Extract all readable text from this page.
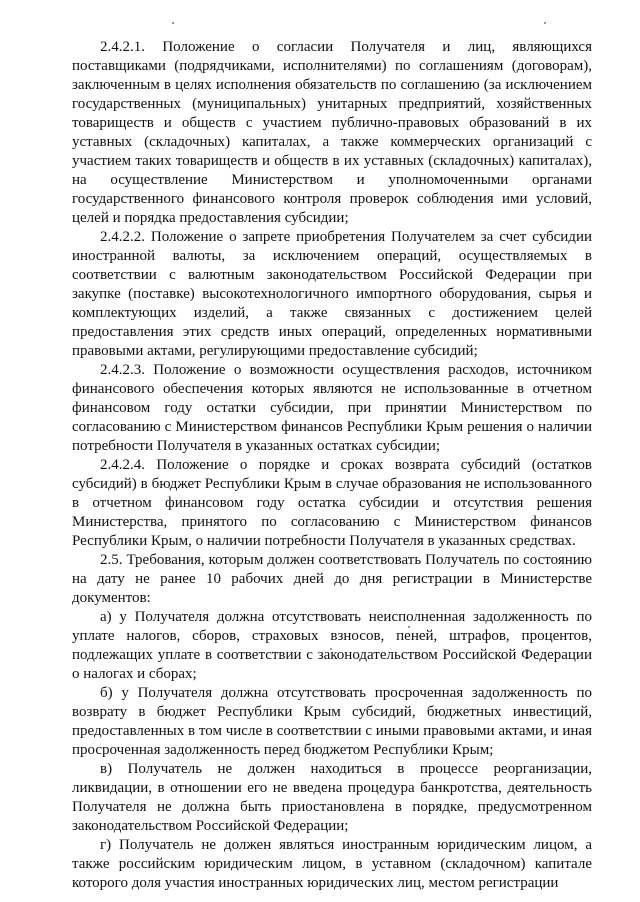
2.4.2.1. Положение о согласии Получателя и лиц, являющихся поставщиками (подрядчиками, исполнителями) по соглашениям (договорам), заключенным в целях исполнения обязательств по соглашению (за исключением государственных (муниципальных) унитарных предприятий, хозяйственных товариществ и обществ с участием публично-правовых образований в их уставных (складочных) капиталах, а также коммерческих организаций с участием таких товариществ и обществ в их уставных (складочных) капиталах), на осуществление Министерством и уполномоченными органами государственного финансового контроля проверок соблюдения ими условий, целей и порядка предоставления субсидии;

2.4.2.2. Положение о запрете приобретения Получателем за счет субсидии иностранной валюты, за исключением операций, осуществляемых в соответствии с валютным законодательством Российской Федерации при закупке (поставке) высокотехнологичного импортного оборудования, сырья и комплектующих изделий, а также связанных с достижением целей предоставления этих средств иных операций, определенных нормативными правовыми актами, регулирующими предоставление субсидий;

2.4.2.3. Положение о возможности осуществления расходов, источником финансового обеспечения которых являются не использованные в отчетном финансовом году остатки субсидии, при принятии Министерством по согласованию с Министерством финансов Республики Крым решения о наличии потребности Получателя в указанных остатках субсидии;

2.4.2.4. Положение о порядке и сроках возврата субсидий (остатков субсидий) в бюджет Республики Крым в случае образования не использованного в отчетном финансовом году остатка субсидии и отсутствия решения Министерства, принятого по согласованию с Министерством финансов Республики Крым, о наличии потребности Получателя в указанных средствах.

2.5. Требования, которым должен соответствовать Получатель по состоянию на дату не ранее 10 рабочих дней до дня регистрации в Министерстве документов:

а) у Получателя должна отсутствовать неисполненная задолженность по уплате налогов, сборов, страховых взносов, пеней, штрафов, процентов, подлежащих уплате в соответствии с законодательством Российской Федерации о налогах и сборах;

б) у Получателя должна отсутствовать просроченная задолженность по возврату в бюджет Республики Крым субсидий, бюджетных инвестиций, предоставленных в том числе в соответствии с иными правовыми актами, и иная просроченная задолженность перед бюджетом Республики Крым;

в) Получатель не должен находиться в процессе реорганизации, ликвидации, в отношении его не введена процедура банкротства, деятельность Получателя не должна быть приостановлена в порядке, предусмотренном законодательством Российской Федерации;

г) Получатель не должен являться иностранным юридическим лицом, а также российским юридическим лицом, в уставном (складочном) капитале которого доля участия иностранных юридических лиц, местом регистрации
